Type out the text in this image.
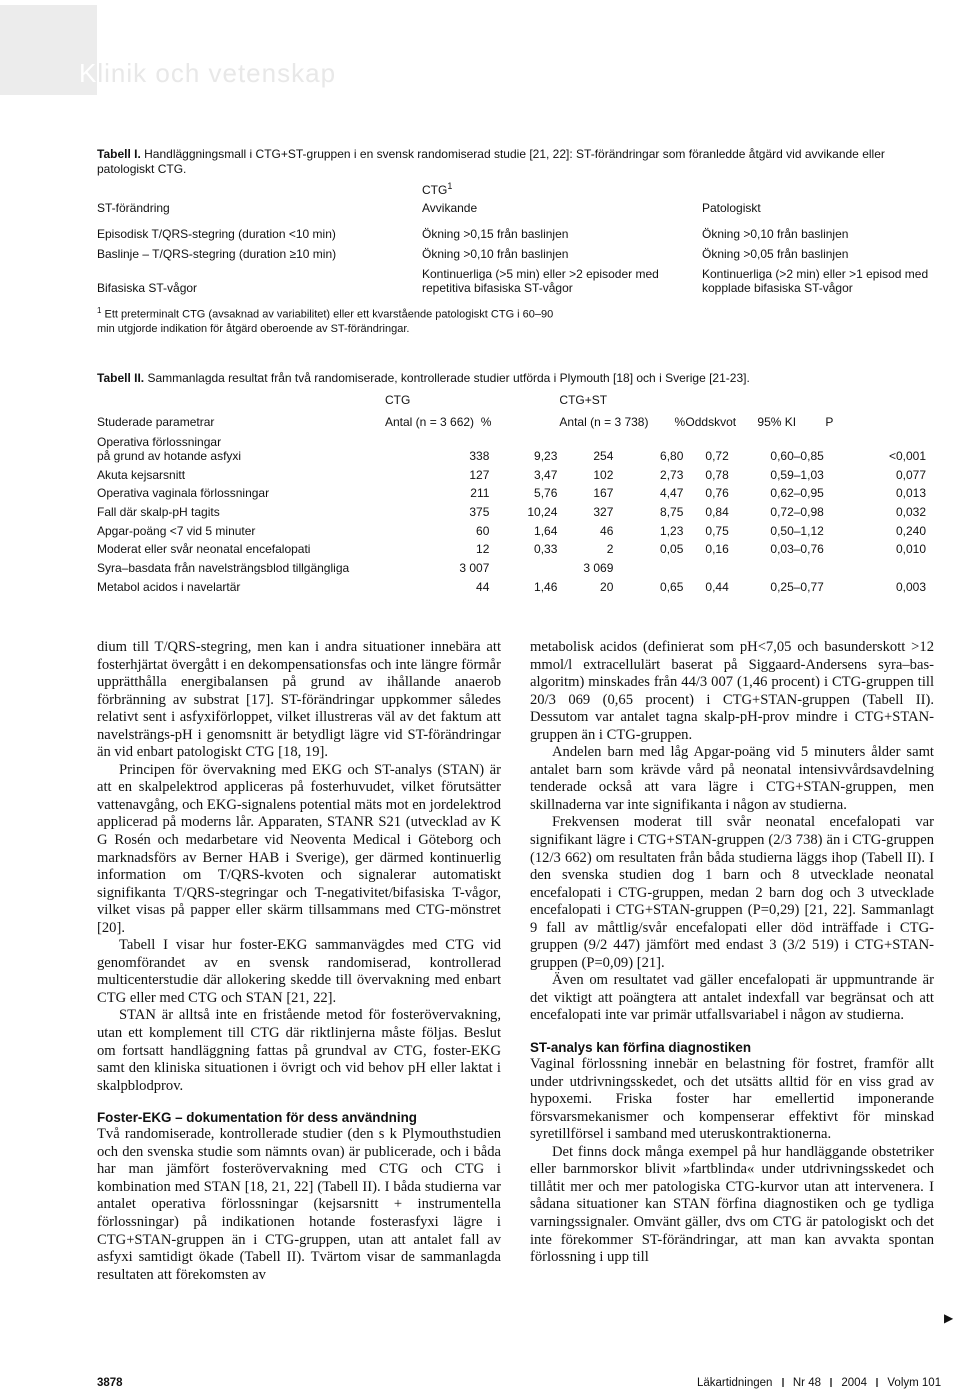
Klinik och vetenskap
Tabell I. Handläggningsmall i CTG+ST-gruppen i en svensk randomiserad studie [21, 22]: ST-förändringar som föranledde åtgärd vid avvikande eller patologiskt CTG.
	CTG$^1$	
ST-förändring	Avvikande	Patologiskt

Episodisk T/QRS-stegring (duration <10 min)	Ökning >0,15 från baslinjen	Ökning >0,10 från baslinjen
Baslinje – T/QRS-stegring (duration ≥10 min)	Ökning >0,10 från baslinjen	Ökning >0,05 från baslinjen
Bifasiska ST-vågor	Kontinuerliga (>5 min) eller >2 episoder med repetitiva bifasiska ST-vågor	Kontinuerliga (>2 min) eller >1 episod med kopplade bifasiska ST-vågor
$^1$ Ett preterminalt CTG (avsaknad av variabilitet) eller ett kvarstående patologiskt CTG i 60–90 min utgjorde indikation för åtgärd oberoende av ST-förändringar.
Tabell II. Sammanlagda resultat från två randomiserade, kontrollerade studier utförda i Plymouth [18] och i Sverige [21-23].
	CTG			CTG+ST				
Studerade parametrar	Antal (n = 3 662) %		Antal (n = 3 738) %		Oddskvot	95% KI	P
Operativa förlossningar
på grund av hotande asfyxi	338		9,23	254	6,80	0,72	0,60–0,85	<0,001
Akuta kejsarsnitt	127		3,47	102	2,73	0,78	0,59–1,03	0,077
Operativa vaginala förlossningar	211		5,76	167	4,47	0,76	0,62–0,95	0,013
Fall där skalp-pH tagits	375		10,24	327	8,75	0,84	0,72–0,98	0,032
Apgar-poäng <7 vid 5 minuter	60		1,64	46	1,23	0,75	0,50–1,12	0,240
Moderat eller svår neonatal encefalopati	12		0,33	2	0,05	0,16	0,03–0,76	0,010
Syra–basdata från navelsträngsblod tillgängliga	3 007			3 069				
Metabol acidos i navelartär	44		1,46	20	0,65	0,44	0,25–0,77	0,003

dium till T/QRS-stegring, men kan i andra situationer innebära att fosterhjärtat övergått i en dekompensationsfas och inte längre förmår upprätthålla energibalansen på grund av ihållande anaerob förbränning av substrat [17]. ST-förändringar uppkommer således relativt sent i asfyxiförloppet, vilket illustreras väl av det faktum att navelsträngs-pH i genomsnitt är betydligt lägre vid ST-förändringar än vid enbart patologiskt CTG [18, 19].

Principen för övervakning med EKG och ST-analys (STAN) är att en skalpelektrod appliceras på fosterhuvudet, vilket förutsätter vattenavgång, och EKG-signalens potential mäts mot en jordelektrod applicerad på moderns lår. Apparaten, STANR S21 (utvecklad av K G Rosén och medarbetare vid Neoventa Medical i Göteborg och marknadsförs av Berner HAB i Sverige), ger därmed kontinuerlig information om T/QRS-kvoten och signalerar automatiskt signifikanta T/QRS-stegringar och T-negativitet/bifasiska T-vågor, vilket visas på papper eller skärm tillsammans med CTG-mönstret [20].

Tabell I visar hur foster-EKG sammanvägdes med CTG vid genomförandet av en svensk randomiserad, kontrollerad multicenterstudie där allokering skedde till övervakning med enbart CTG eller med CTG och STAN [21, 22].

STAN är alltså inte en fristående metod för fosterövervakning, utan ett komplement till CTG där riktlinjerna måste följas. Beslut om fortsatt handläggning fattas på grundval av CTG, foster-EKG samt den kliniska situationen i övrigt och vid behov pH eller laktat i skalpblodprov.

Foster-EKG – dokumentation för dess användning

Två randomiserade, kontrollerade studier (den s k Plymouthstudien och den svenska studie som nämnts ovan) är publicerade, och i båda har man jämfört fosterövervakning med CTG och CTG i kombination med STAN [18, 21, 22] (Tabell II). I båda studierna var antalet operativa förlossningar (kejsarsnitt + instrumentella förlossningar) på indikationen hotande fosterasfyxi lägre i CTG+STAN-gruppen än i CTG-gruppen, utan att antalet fall av asfyxi samtidigt ökade (Tabell II). Tvärtom visar de sammanlagda resultaten att förekomsten av

metabolisk acidos (definierat som pH<7,05 och basunderskott >12 mmol/l extracellulärt baserat på Siggaard-Andersens syra–bas-algoritm) minskades från 44/3 007 (1,46 procent) i CTG-gruppen till 20/3 069 (0,65 procent) i CTG+STAN-gruppen (Tabell II). Dessutom var antalet tagna skalp-pH-prov mindre i CTG+STAN-gruppen än i CTG-gruppen.

Andelen barn med låg Apgar-poäng vid 5 minuters ålder samt antalet barn som krävde vård på neonatal intensivvårdsavdelning tenderade också att vara lägre i CTG+STAN-gruppen, men skillnaderna var inte signifikanta i någon av studierna.

Frekvensen moderat till svår neonatal encefalopati var signifikant lägre i CTG+STAN-gruppen (2/3 738) än i CTG-gruppen (12/3 662) om resultaten från båda studierna läggs ihop (Tabell II). I den svenska studien dog 1 barn och 8 utvecklade neonatal encefalopati i CTG-gruppen, medan 2 barn dog och 3 utvecklade encefalopati i CTG+STAN-gruppen (P=0,29) [21, 22]. Sammanlagt 9 fall av måttlig/svår encefalopati eller död inträffade i CTG-gruppen (9/2 447) jämfört med endast 3 (3/2 519) i CTG+STAN-gruppen (P=0,09) [21].

Även om resultatet vad gäller encefalopati är uppmuntrande är det viktigt att poängtera att antalet indexfall var begränsat och att encefalopati inte var primär utfallsvariabel i någon av studierna.

ST-analys kan förfina diagnostiken

Vaginal förlossning innebär en belastning för fostret, framför allt under utdrivningsskedet, och det utsätts alltid för en viss grad av hypoxemi. Friska foster har emellertid imponerande försvarsmekanismer och kompenserar effektivt för minskad syretillförsel i samband med uteruskontraktionerna.

Det finns dock många exempel på hur handläggande obstetriker eller barnmorskor blivit »fartblinda« under utdrivningsskedet och tillåtit mer och mer patologiska CTG-kurvor utan att intervenera. I sådana situationer kan STAN förfina diagnostiken och ge tydliga varningssignaler. Omvänt gäller, dvs om CTG är patologiskt och det inte förekommer ST-förändringar, att man kan avvakta spontan förlossning i upp till

▶
3878	Läkartidningen Nr 48 2004 Volym 101
